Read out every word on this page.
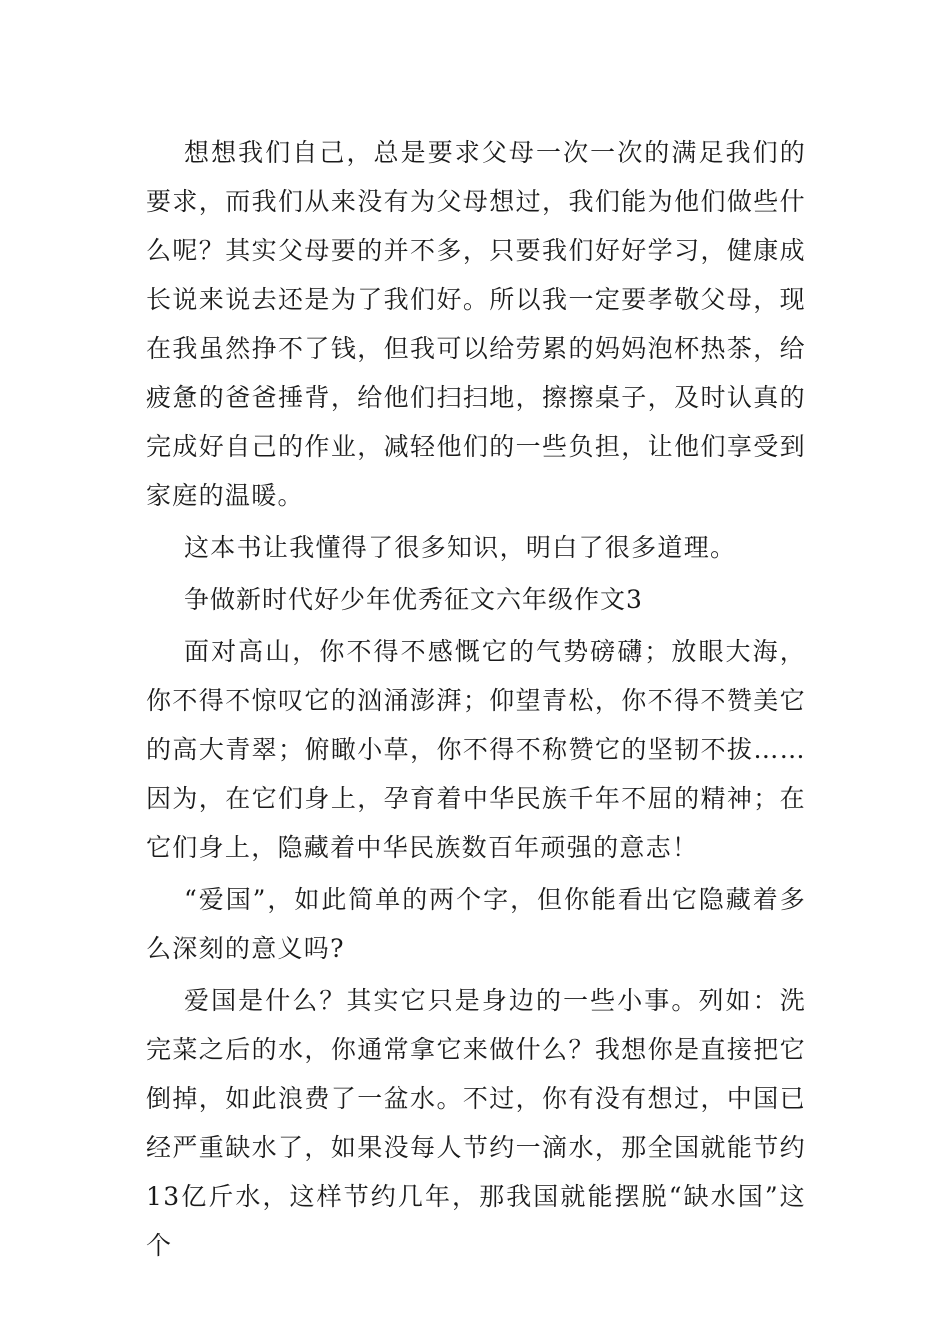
想想我们自己，总是要求父母一次一次的满足我们的要求，而我们从来没有为父母想过，我们能为他们做些什么呢？其实父母要的并不多，只要我们好好学习，健康成长说来说去还是为了我们好。所以我一定要孝敬父母，现在我虽然挣不了钱，但我可以给劳累的妈妈泡杯热茶，给疲惫的爸爸捶背，给他们扫扫地，擦擦桌子，及时认真的完成好自己的作业，减轻他们的一些负担，让他们享受到家庭的温暖。

这本书让我懂得了很多知识，明白了很多道理。

争做新时代好少年优秀征文六年级作文3

面对高山，你不得不感慨它的气势磅礴；放眼大海，你不得不惊叹它的汹涌澎湃；仰望青松，你不得不赞美它的高大青翠；俯瞰小草，你不得不称赞它的坚韧不拔……因为，在它们身上，孕育着中华民族千年不屈的精神；在它们身上，隐藏着中华民族数百年顽强的意志！

“爱国”，如此简单的两个字，但你能看出它隐藏着多么深刻的意义吗?

爱国是什么？其实它只是身边的一些小事。列如：洗完菜之后的水，你通常拿它来做什么？我想你是直接把它倒掉，如此浪费了一盆水。不过，你有没有想过，中国已经严重缺水了，如果没每人节约一滴水，那全国就能节约13亿斤水，这样节约几年，那我国就能摆脱“缺水国”这个
